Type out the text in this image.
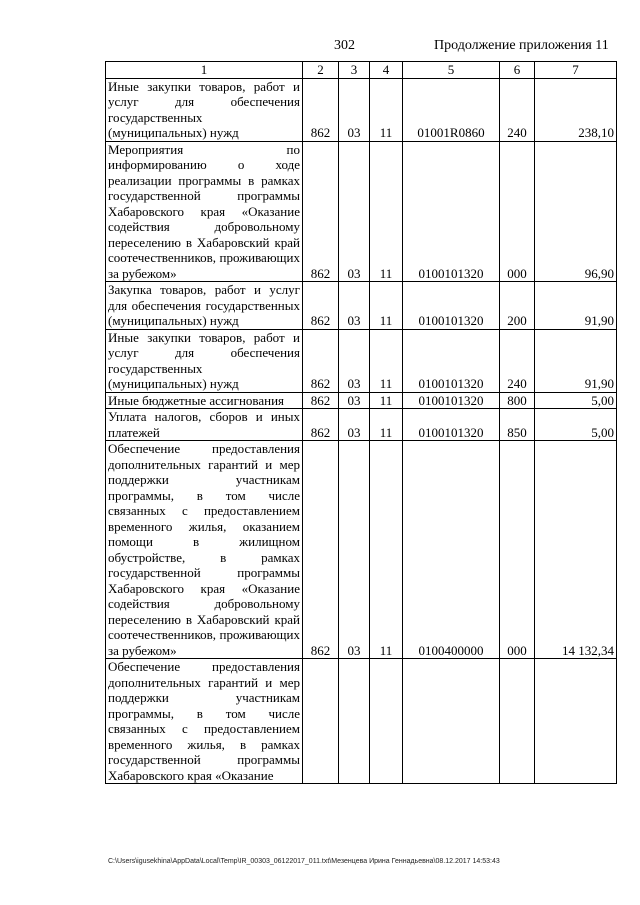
302	Продолжение приложения 11
1	2	3	4	5	6	7
Иные закупки товаров, работ и услуг для обеспечения государственных (муниципальных) нужд	862	03	11	01001R0860	240	238,10
Мероприятия по информированию о ходе реализации программы в рамках государственной программы Хабаровского края «Оказание содействия добровольному переселению в Хабаровский край соотечественников, проживающих за рубежом»	862	03	11	0100101320	000	96,90
Закупка товаров, работ и услуг для обеспечения государственных (муниципальных) нужд	862	03	11	0100101320	200	91,90
Иные закупки товаров, работ и услуг для обеспечения государственных (муниципальных) нужд	862	03	11	0100101320	240	91,90
Иные бюджетные ассигнования	862	03	11	0100101320	800	5,00
Уплата налогов, сборов и иных платежей	862	03	11	0100101320	850	5,00
Обеспечение предоставления дополнительных гарантий и мер поддержки участникам программы, в том числе связанных с предоставлением временного жилья, оказанием помощи в жилищном обустройстве, в рамках государственной программы Хабаровского края «Оказание содействия добровольному переселению в Хабаровский край соотечественников, проживающих за рубежом»	862	03	11	0100400000	000	14 132,34
Обеспечение предоставления дополнительных гарантий и мер поддержки участникам программы, в том числе связанных с предоставлением временного жилья, в рамках государственной программы Хабаровского края «Оказание						
C:\Users\igusekhina\AppData\Local\Temp\IR_00303_06122017_011.txt\Мезенцева Ирина Геннадьевна\08.12.2017 14:53:43
